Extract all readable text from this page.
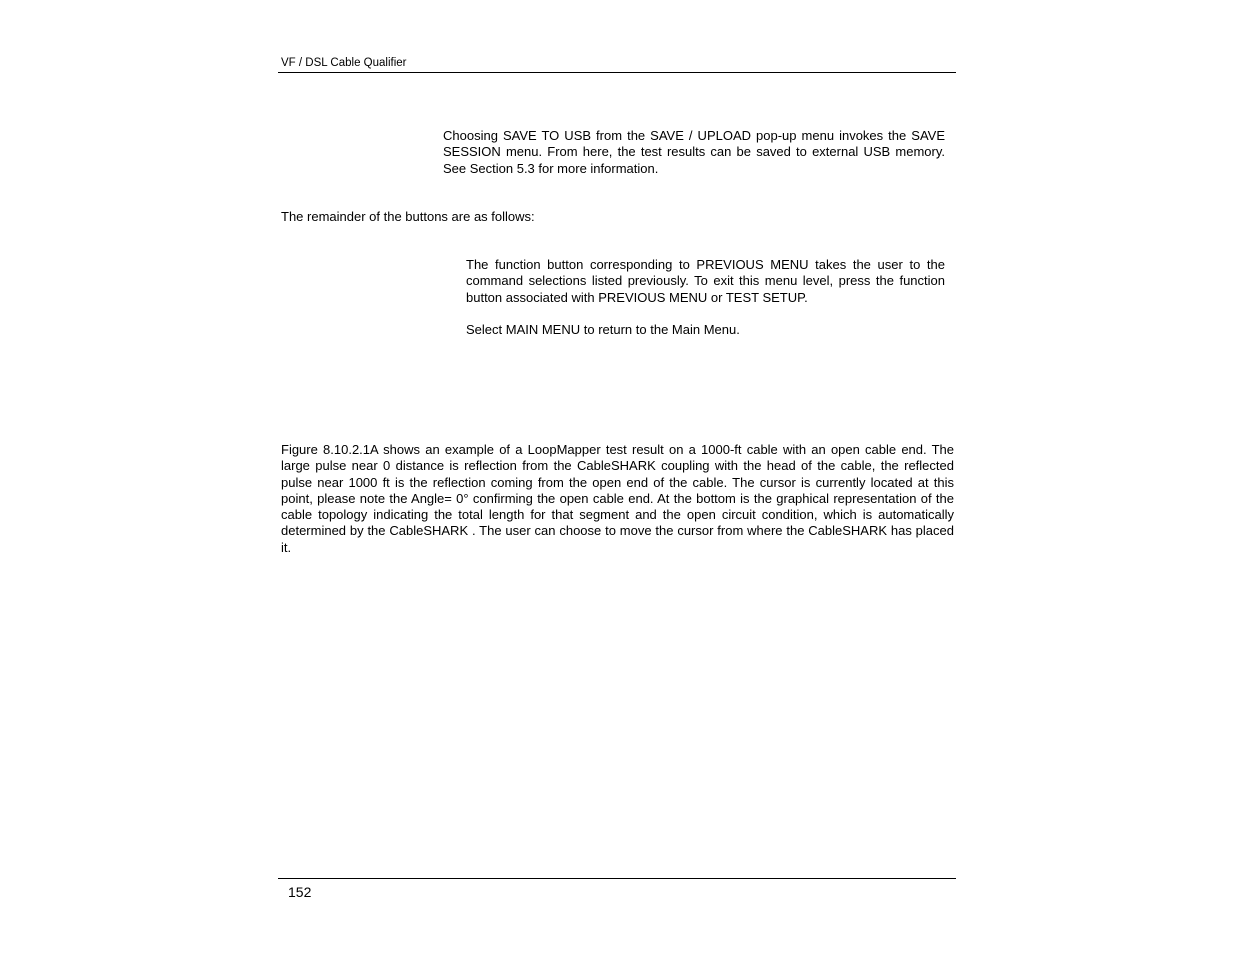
VF / DSL Cable Qualifier

Choosing SAVE TO USB from the SAVE / UPLOAD pop-up menu invokes the SAVE SESSION menu. From here, the test results can be saved to external USB memory. See Section 5.3 for more information.

The remainder of the buttons are as follows:

The function button corresponding to PREVIOUS MENU takes the user to the command selections listed previously. To exit this menu level, press the function button associated with PREVIOUS MENU or TEST SETUP.

Select MAIN MENU to return to the Main Menu.

Figure 8.10.2.1A shows an example of a LoopMapper test result on a 1000-ft cable with an open cable end. The large pulse near 0 distance is reflection from the CableSHARK coupling with the head of the cable, the reflected pulse near 1000 ft is the reflection coming from the open end of the cable. The cursor is currently located at this point, please note the Angle= 0° confirming the open cable end. At the bottom is the graphical representation of the cable topology indicating the total length for that segment and the open circuit condition, which is automatically determined by the CableSHARK . The user can choose to move the cursor from where the CableSHARK has placed it.

152
